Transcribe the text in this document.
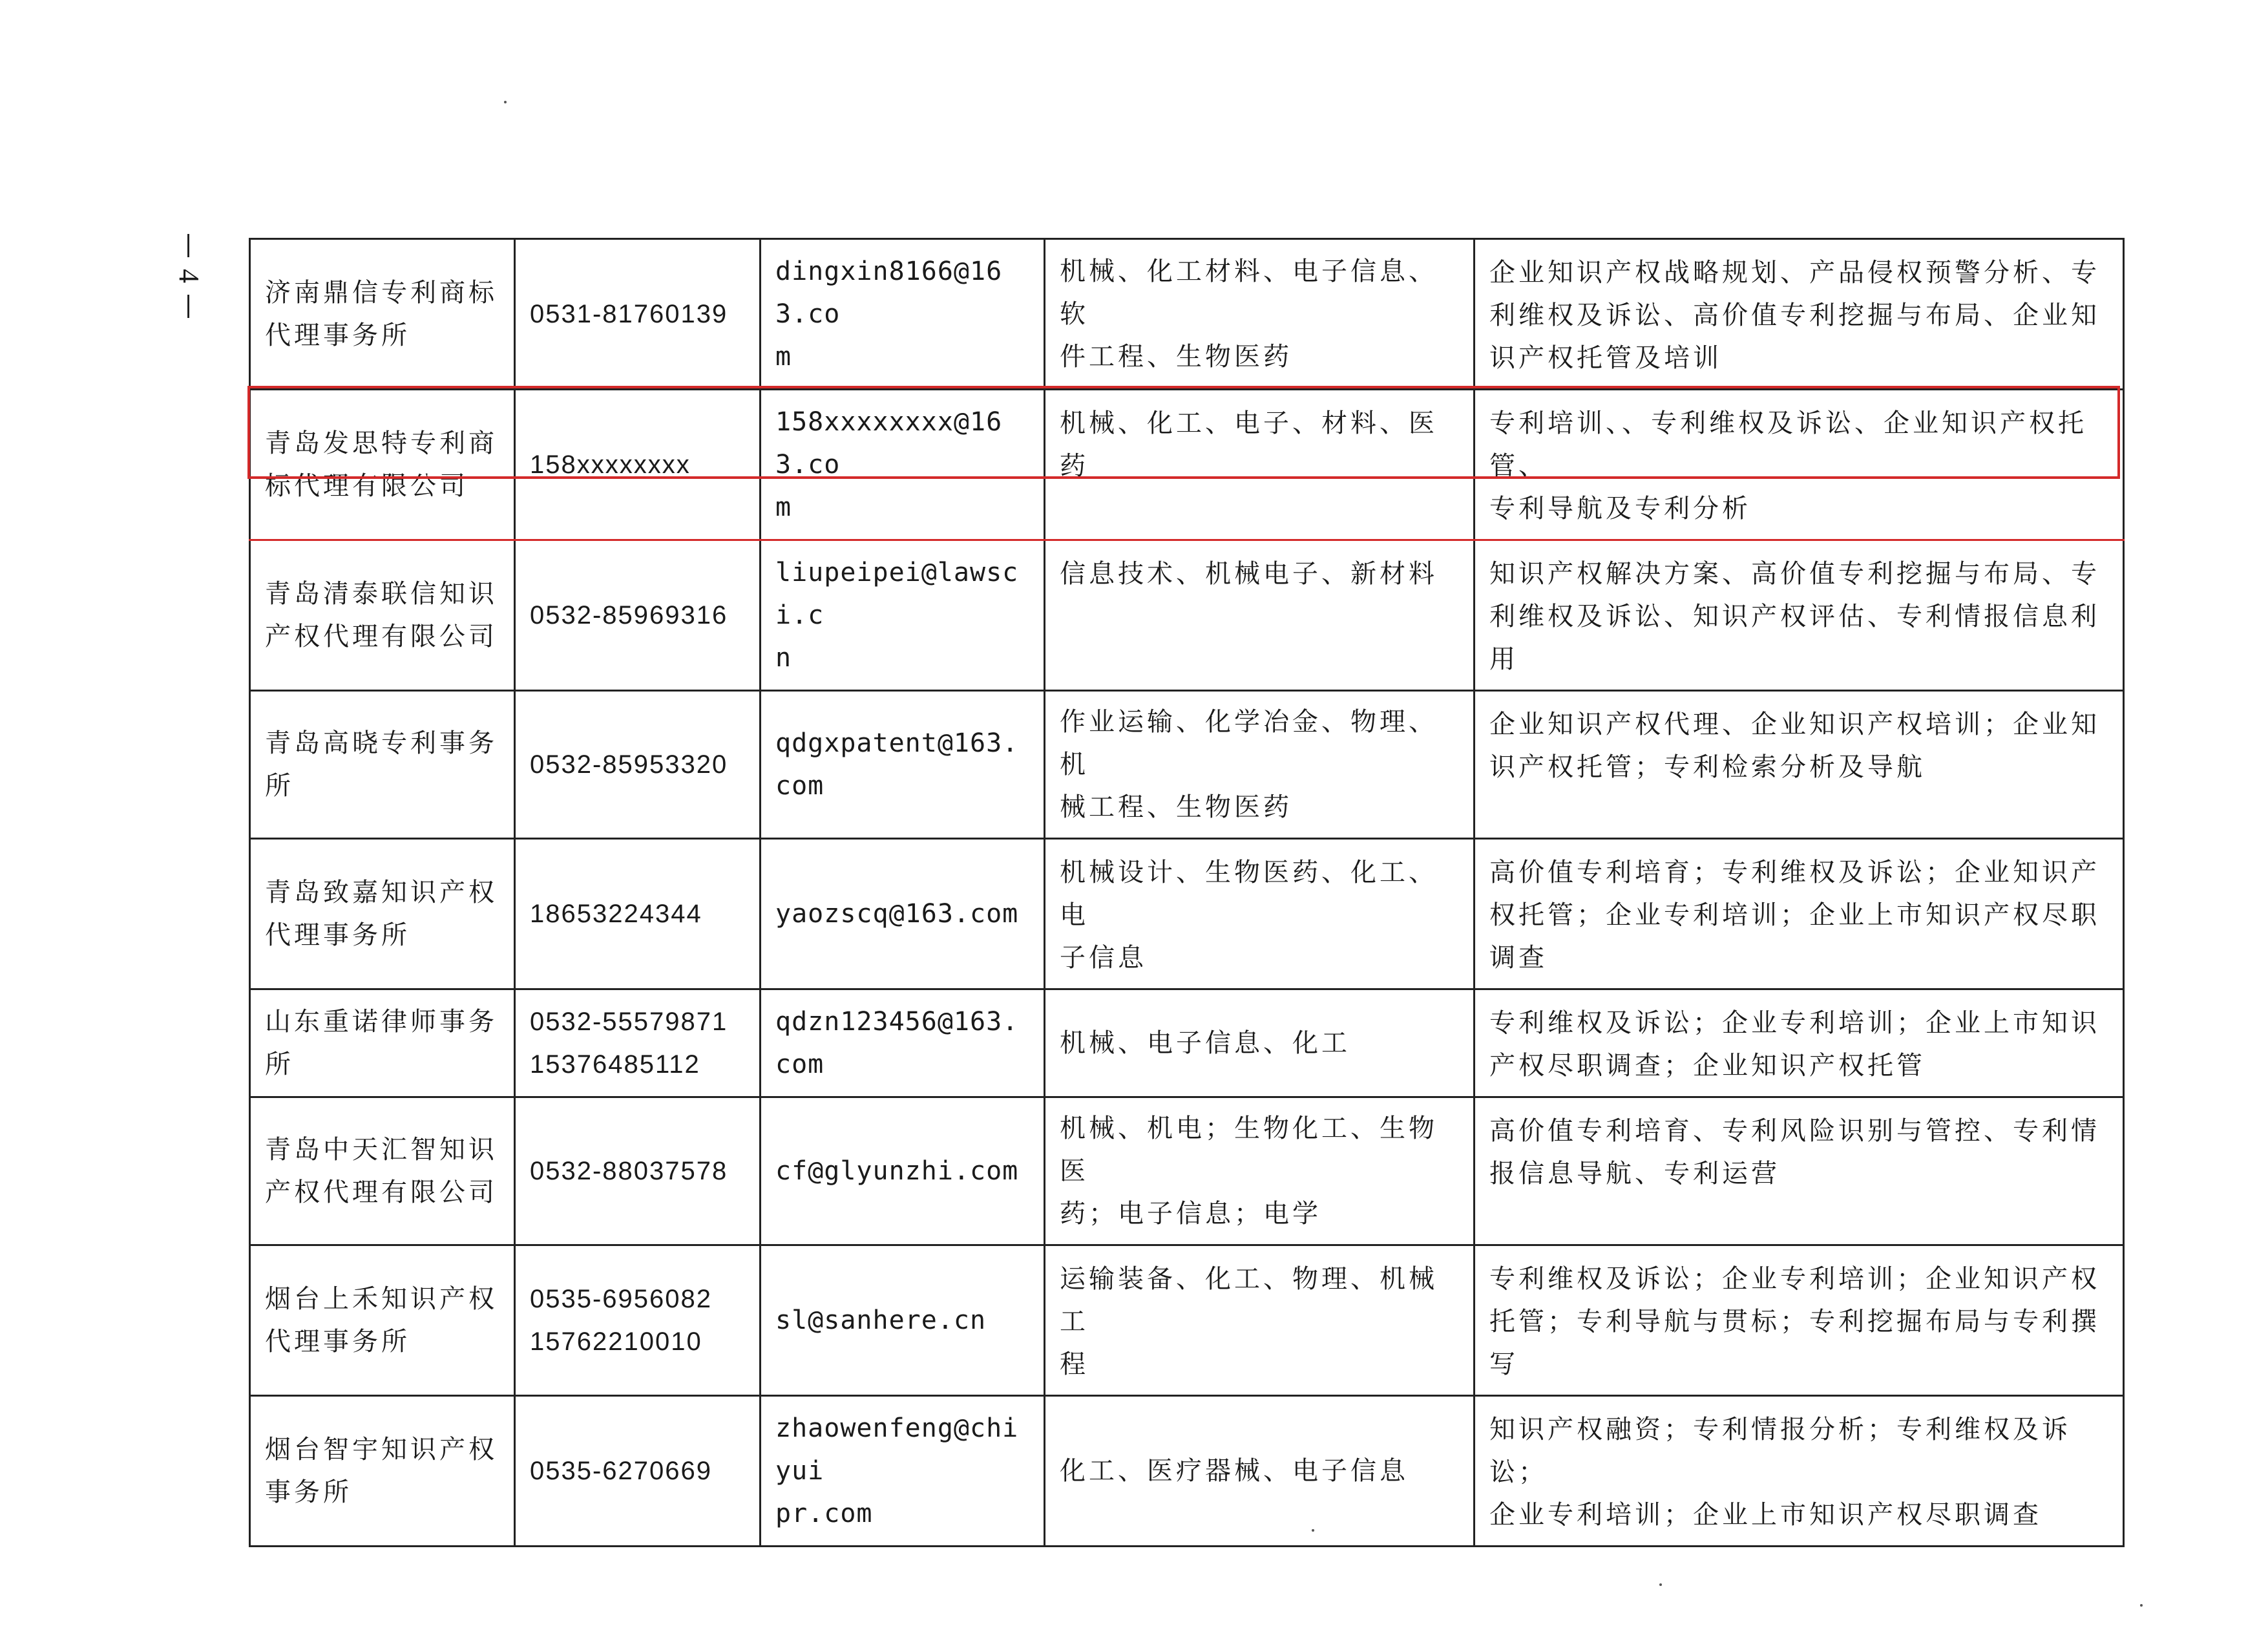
4
济南鼎信专利商标
代理事务所	0531-81760139	dingxin8166@163.co
m	机械、化工材料、电子信息、软
件工程、生物医药	企业知识产权战略规划、产品侵权预警分析、专
利维权及诉讼、高价值专利挖掘与布局、企业知
识产权托管及培训

青岛发思特专利商
标代理有限公司	158xxxxxxxx	158xxxxxxxx@163.co
m	机械、化工、电子、材料、医药	专利培训、、专利维权及诉讼、企业知识产权托管、
专利导航及专利分析

青岛清泰联信知识
产权代理有限公司	0532-85969316	liupeipei@lawsci.c
n	信息技术、机械电子、新材料	知识产权解决方案、高价值专利挖掘与布局、专
利维权及诉讼、知识产权评估、专利情报信息利
用

青岛高晓专利事务
所	0532-85953320	qdgxpatent@163.com	作业运输、化学冶金、物理、机
械工程、生物医药	企业知识产权代理、企业知识产权培训；企业知
识产权托管；专利检索分析及导航

青岛致嘉知识产权
代理事务所	18653224344	yaozscq@163.com	机械设计、生物医药、化工、电
子信息	高价值专利培育；专利维权及诉讼；企业知识产
权托管；企业专利培训；企业上市知识产权尽职
调查

山东重诺律师事务
所	0532-55579871
15376485112	qdzn123456@163.com	机械、电子信息、化工	专利维权及诉讼；企业专利培训；企业上市知识
产权尽职调查；企业知识产权托管

青岛中天汇智知识
产权代理有限公司	0532-88037578	cf@glyunzhi.com	机械、机电；生物化工、生物医
药；电子信息；电学	高价值专利培育、专利风险识别与管控、专利情
报信息导航、专利运营

烟台上禾知识产权
代理事务所	0535-6956082
15762210010	sl@sanhere.cn	运输装备、化工、物理、机械工
程	专利维权及诉讼；企业专利培训；企业知识产权
托管；专利导航与贯标；专利挖掘布局与专利撰
写

烟台智宇知识产权
事务所	0535-6270669	zhaowenfeng@chiyui
pr.com	化工、医疗器械、电子信息	知识产权融资；专利情报分析；专利维权及诉讼；
企业专利培训；企业上市知识产权尽职调查
